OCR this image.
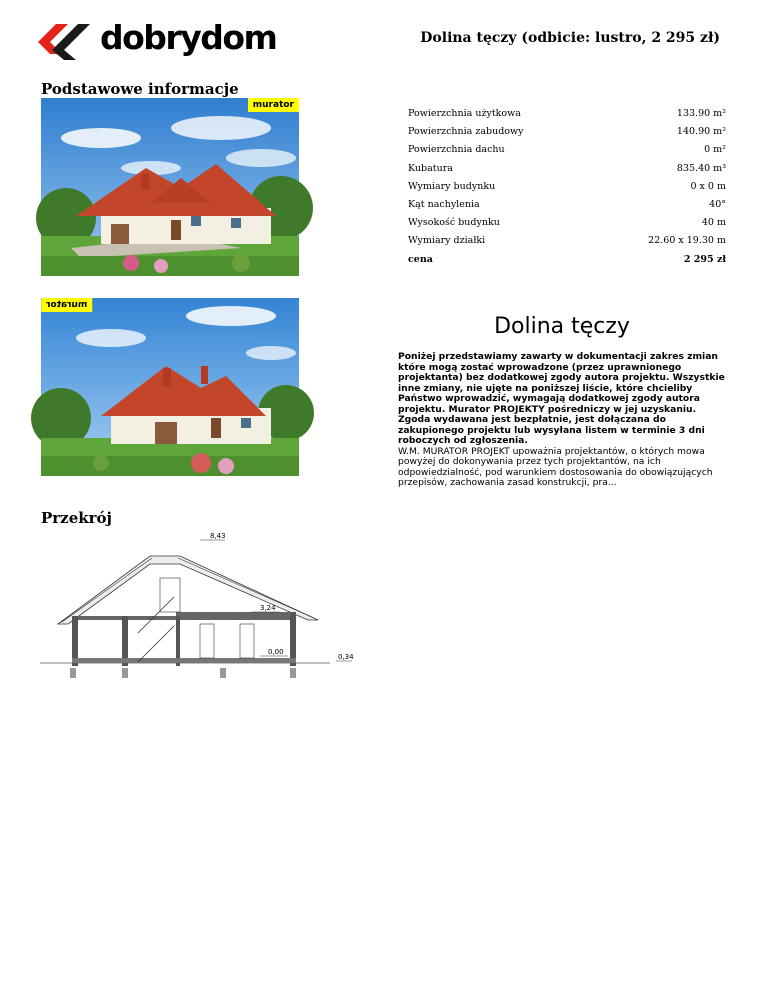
dobrydom	Dolina tęczy (odbicie: lustro, 2 295 zł)
Podstawowe informacje
murator
murator
Powierzchnia użytkowa	133.90 m²
Powierzchnia zabudowy	140.90 m²
Powierzchnia dachu	0 m²
Kubatura	835.40 m³
Wymiary budynku	0 x 0 m
Kąt nachylenia	40°
Wysokość budynku	40 m
Wymiary działki	22.60 x 19.30 m
cena	2 295 zł
Dolina tęczy
Poniżej przedstawiamy zawarty w dokumentacji zakres zmian które mogą zostać wprowadzone (przez uprawnionego projektanta) bez dodatkowej zgody autora projektu. Wszystkie inne zmiany, nie ujęte na poniższej liście, które chcieliby Państwo wprowadzić, wymagają dodatkowej zgody autora projektu. Murator PROJEKTY pośredniczy w jej uzyskaniu. Zgoda wydawana jest bezpłatnie, jest dołączana do zakupionego projektu lub wysyłana listem w terminie 3 dni roboczych od zgłoszenia.
W.M. MURATOR PROJEKT upoważnia projektantów, o których mowa powyżej do dokonywania przez tych projektantów, na ich odpowiedzialność, pod warunkiem dostosowania do obowiązujących przepisów, zachowania zasad konstrukcji, pra...
Przekrój
8,43
3,24
0,00
0,34
